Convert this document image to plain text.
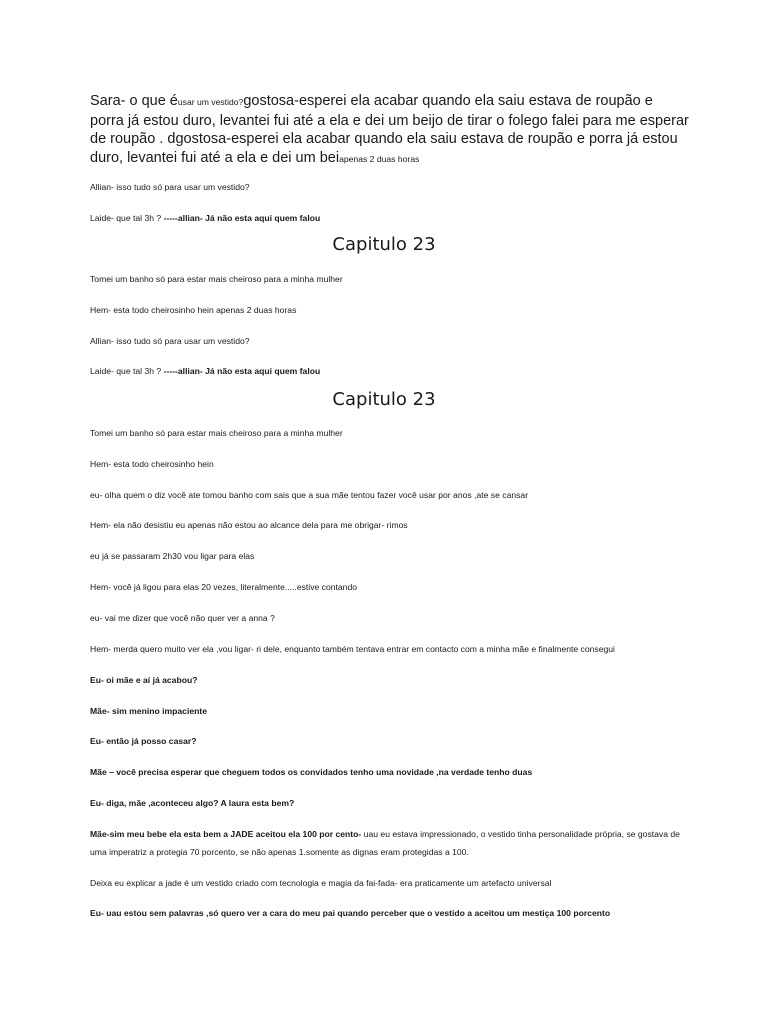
Sara- o que éusar um vestido?gostosa-esperei ela acabar quando ela saiu estava de roupão e porra já estou duro, levantei fui até a ela e dei um beijo de tirar o folego falei para me esperar de roupão . dgostosa-esperei ela acabar quando ela saiu estava de roupão e porra já estou duro, levantei fui até a ela e dei um beiapenas 2 duas horas

Allian- isso tudo só para usar um vestido?

Laide- que tal 3h ? -----allian- Já não esta aqui quem falou

Capitulo 23

Tomei um banho só para estar mais cheiroso para a minha mulher

Hem- esta todo cheirosinho hein apenas 2 duas horas

Allian- isso tudo só para usar um vestido?

Laide- que tal 3h ? -----allian- Já não esta aqui quem falou

Capitulo 23

Tomei um banho só para estar mais cheiroso para a minha mulher

Hem- esta todo cheirosinho hein

eu- olha quem o diz você ate tomou banho com sais que a sua mãe tentou fazer você usar por anos ,ate se cansar

Hem- ela não desistiu eu apenas não estou ao alcance dela para me obrigar- rimos

eu já se passaram 2h30 vou ligar para elas

Hem- você já ligou para elas 20 vezes, literalmente.....estive contando

eu- vai me dizer que você não quer ver a anna ?

Hem- merda quero muito ver ela ,vou ligar- ri dele, enquanto também tentava entrar em contacto com a minha mãe e finalmente consegui

Eu- oi mãe e aí já acabou?

Mãe- sim menino impaciente

Eu- então já posso casar?

Mãe – você precisa esperar que cheguem todos os convidados tenho uma novidade ,na verdade tenho duas

Eu- diga, mãe ,aconteceu algo? A laura esta bem?

Mãe-sim meu bebe ela esta bem a JADE aceitou ela 100 por cento- uau eu estava impressionado, o vestido tinha personalidade própria, se gostava de uma imperatriz a protegia 70 porcento, se não apenas 1.somente as dignas eram protegidas a 100.

Deixa eu explicar a jade é um vestido criado com tecnologia e magia da fai-fada- era praticamente um artefacto universal

Eu- uau estou sem palavras ,só quero ver a cara do meu pai quando perceber que o vestido a aceitou um mestiça 100 porcento
